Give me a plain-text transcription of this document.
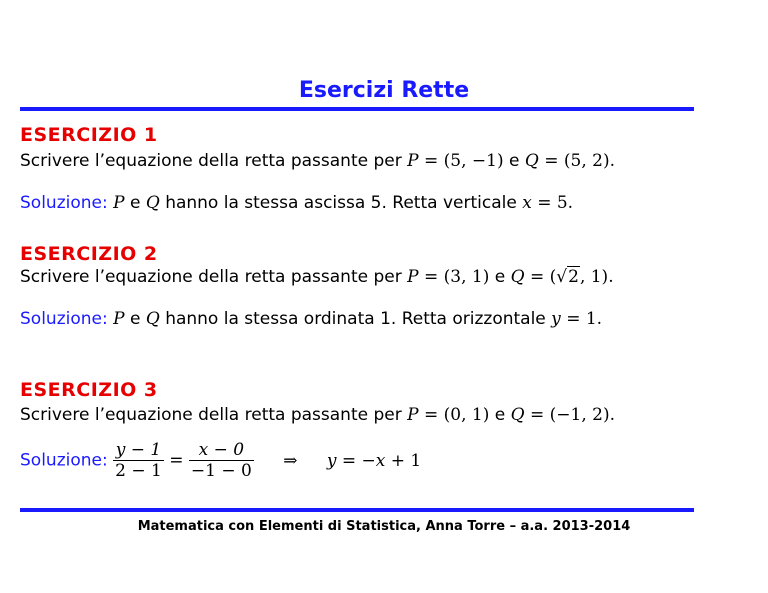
Esercizi Rette
ESERCIZIO 1
Scrivere l’equazione della retta passante per P = (5, −1) e Q = (5, 2).
Soluzione: P e Q hanno la stessa ascissa 5. Retta verticale x = 5.
ESERCIZIO 2
Scrivere l’equazione della retta passante per P = (3, 1) e Q = (√2, 1).
Soluzione: P e Q hanno la stessa ordinata 1. Retta orizzontale y = 1.
ESERCIZIO 3
Scrivere l’equazione della retta passante per P = (0, 1) e Q = (−1, 2).
Soluzione: $\frac{y - 1}{2 - 1} = \frac{x - 0}{-1 - 0}$ ⇒ y = −x + 1
Matematica con Elementi di Statistica, Anna Torre – a.a. 2013-2014
